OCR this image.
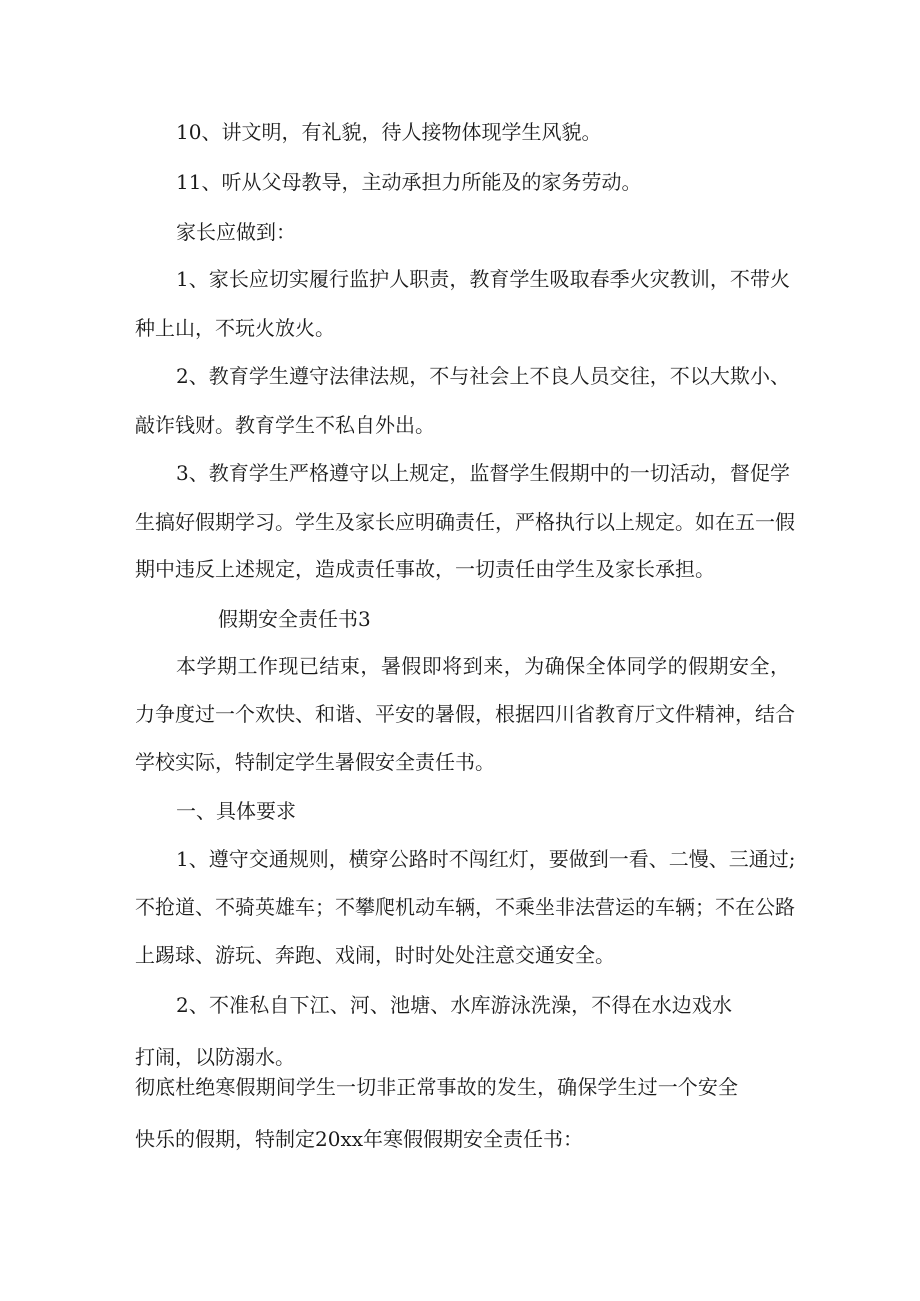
10、讲文明，有礼貌，待人接物体现学生风貌。

11、听从父母教导，主动承担力所能及的家务劳动。

家长应做到：

1、家长应切实履行监护人职责，教育学生吸取春季火灾教训，不带火

种上山，不玩火放火。

2、教育学生遵守法律法规，不与社会上不良人员交往，不以大欺小、

敲诈钱财。教育学生不私自外出。

3、教育学生严格遵守以上规定，监督学生假期中的一切活动，督促学

生搞好假期学习。学生及家长应明确责任，严格执行以上规定。如在五一假

期中违反上述规定，造成责任事故，一切责任由学生及家长承担。

假期安全责任书3

本学期工作现已结束，暑假即将到来，为确保全体同学的假期安全，

力争度过一个欢快、和谐、平安的暑假，根据四川省教育厅文件精神，结合

学校实际，特制定学生暑假安全责任书。

一、具体要求

1、遵守交通规则，横穿公路时不闯红灯，要做到一看、二慢、三通过;

不抢道、不骑英雄车；不攀爬机动车辆，不乘坐非法营运的车辆；不在公路

上踢球、游玩、奔跑、戏闹，时时处处注意交通安全。

2、不准私自下江、河、池塘、水库游泳洗澡，不得在水边戏水

打闹，以防溺水。

彻底杜绝寒假期间学生一切非正常事故的发生，确保学生过一个安全

快乐的假期，特制定20xx年寒假假期安全责任书：
